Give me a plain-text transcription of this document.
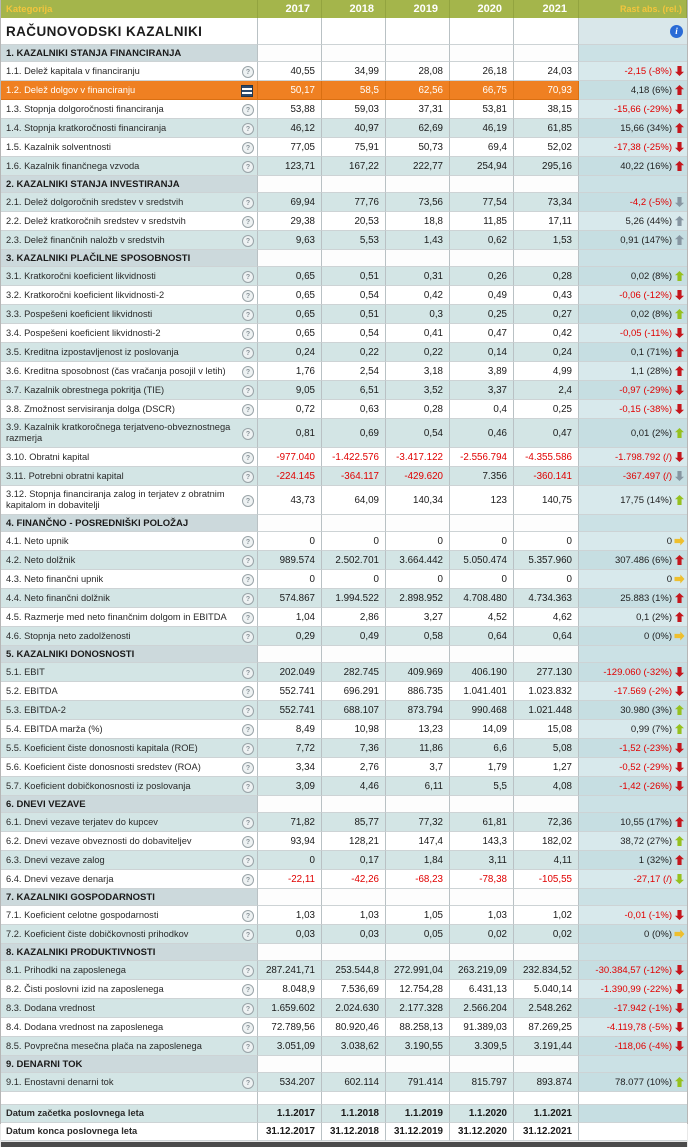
Kategorija	2017	2018	2019	2020	2021	Rast abs. (rel.)
RAČUNOVODSKI KAZALNIKI	i
1. KAZALNIKI STANJA FINANCIRANJA
1.1. Delež kapitala v financiranju	?	40,55	34,99	28,08	26,18	24,03	-2,15 (-8%)
1.2. Delež dolgov v financiranju	50,17	58,5	62,56	66,75	70,93	4,18 (6%)
1.3. Stopnja dolgoročnosti financiranja	?	53,88	59,03	37,31	53,81	38,15	-15,66 (-29%)
1.4. Stopnja kratkoročnosti financiranja	?	46,12	40,97	62,69	46,19	61,85	15,66 (34%)
1.5. Kazalnik solventnosti	?	77,05	75,91	50,73	69,4	52,02	-17,38 (-25%)
1.6. Kazalnik finančnega vzvoda	?	123,71	167,22	222,77	254,94	295,16	40,22 (16%)
2. KAZALNIKI STANJA INVESTIRANJA
2.1. Delež dolgoročnih sredstev v sredstvih	?	69,94	77,76	73,56	77,54	73,34	-4,2 (-5%)
2.2. Delež kratkoročnih sredstev v sredstvih	?	29,38	20,53	18,8	11,85	17,11	5,26 (44%)
2.3. Delež finančnih naložb v sredstvih	?	9,63	5,53	1,43	0,62	1,53	0,91 (147%)
3. KAZALNIKI PLAČILNE SPOSOBNOSTI
3.1. Kratkoročni koeficient likvidnosti	?	0,65	0,51	0,31	0,26	0,28	0,02 (8%)
3.2. Kratkoročni koeficient likvidnosti-2	?	0,65	0,54	0,42	0,49	0,43	-0,06 (-12%)
3.3. Pospešeni koeficient likvidnosti	?	0,65	0,51	0,3	0,25	0,27	0,02 (8%)
3.4. Pospešeni koeficient likvidnosti-2	?	0,65	0,54	0,41	0,47	0,42	-0,05 (-11%)
3.5. Kreditna izpostavljenost iz poslovanja	?	0,24	0,22	0,22	0,14	0,24	0,1 (71%)
3.6. Kreditna sposobnost (čas vračanja posojil v letih)	?	1,76	2,54	3,18	3,89	4,99	1,1 (28%)
3.7. Kazalnik obrestnega pokritja (TIE)	?	9,05	6,51	3,52	3,37	2,4	-0,97 (-29%)
3.8. Zmožnost servisiranja dolga (DSCR)	?	0,72	0,63	0,28	0,4	0,25	-0,15 (-38%)
3.9. Kazalnik kratkoročnega terjatveno-obveznostnega razmerja	?	0,81	0,69	0,54	0,46	0,47	0,01 (2%)
3.10. Obratni kapital	?	-977.040 -1.422.576 -3.417.122 -2.556.794 -4.355.586	-1.798.792 (/)
3.11. Potrebni obratni kapital	?	-224.145	-364.117	-429.620	7.356	-360.141	-367.497 (/)
3.12. Stopnja financiranja zalog in terjatev z obratnim kapitalom in dobavitelji	?	43,73	64,09	140,34	123	140,75	17,75 (14%)
4. FINANČNO - POSREDNIŠKI POLOŽAJ
4.1. Neto upnik	?	0	0	0	0	0	0
4.2. Neto dolžnik	?	989.574 2.502.701 3.664.442 5.050.474 5.357.960	307.486 (6%)
4.3. Neto finančni upnik	?	0	0	0	0	0	0
4.4. Neto finančni dolžnik	?	574.867 1.994.522 2.898.952 4.708.480 4.734.363	25.883 (1%)
4.5. Razmerje med neto finančnim dolgom in EBITDA	?	1,04	2,86	3,27	4,52	4,62	0,1 (2%)
4.6. Stopnja neto zadolženosti	?	0,29	0,49	0,58	0,64	0,64	0 (0%)
5. KAZALNIKI DONOSNOSTI
5.1. EBIT	?	202.049	282.745	409.969	406.190	277.130	-129.060 (-32%)
5.2. EBITDA	?	552.741	696.291	886.735 1.041.401 1.023.832	-17.569 (-2%)
5.3. EBITDA-2	?	552.741	688.107	873.794	990.468 1.021.448	30.980 (3%)
5.4. EBITDA marža (%)	?	8,49	10,98	13,23	14,09	15,08	0,99 (7%)
5.5. Koeficient čiste donosnosti kapitala (ROE)	?	7,72	7,36	11,86	6,6	5,08	-1,52 (-23%)
5.6. Koeficient čiste donosnosti sredstev (ROA)	?	3,34	2,76	3,7	1,79	1,27	-0,52 (-29%)
5.7. Koeficient dobičkonosnosti iz poslovanja	?	3,09	4,46	6,11	5,5	4,08	-1,42 (-26%)
6. DNEVI VEZAVE
6.1. Dnevi vezave terjatev do kupcev	?	71,82	85,77	77,32	61,81	72,36	10,55 (17%)
6.2. Dnevi vezave obveznosti do dobaviteljev	?	93,94	128,21	147,4	143,3	182,02	38,72 (27%)
6.3. Dnevi vezave zalog	?	0	0,17	1,84	3,11	4,11	1 (32%)
6.4. Dnevi vezave denarja	?	-22,11	-42,26	-68,23	-78,38	-105,55	-27,17 (/)
7. KAZALNIKI GOSPODARNOSTI
7.1. Koeficient celotne gospodarnosti	?	1,03	1,03	1,05	1,03	1,02	-0,01 (-1%)
7.2. Koeficient čiste dobičkovnosti prihodkov	?	0,03	0,03	0,05	0,02	0,02	0 (0%)
8. KAZALNIKI PRODUKTIVNOSTI
8.1. Prihodki na zaposlenega	?	287.241,71 253.544,8 272.991,04 263.219,09 232.834,52 -30.384,57 (-12%)
8.2. Čisti poslovni izid na zaposlenega	?	8.048,9	7.536,69 12.754,28	6.431,13	5.040,14	-1.390,99 (-22%)
8.3. Dodana vrednost	?	1.659.602 2.024.630 2.177.328 2.566.204 2.548.262	-17.942 (-1%)
8.4. Dodana vrednost na zaposlenega	?	72.789,56 80.920,46 88.258,13 91.389,03 87.269,25	-4.119,78 (-5%)
8.5. Povprečna mesečna plača na zaposlenega	?	3.051,09	3.038,62	3.190,55	3.309,5	3.191,44	-118,06 (-4%)
9. DENARNI TOK
9.1. Enostavni denarni tok	?	534.207	602.114	791.414	815.797	893.874	78.077 (10%)
Datum začetka poslovnega leta	1.1.2017	1.1.2018	1.1.2019	1.1.2020	1.1.2021
Datum konca poslovnega leta	31.12.2017 31.12.2018 31.12.2019 31.12.2020 31.12.2021
